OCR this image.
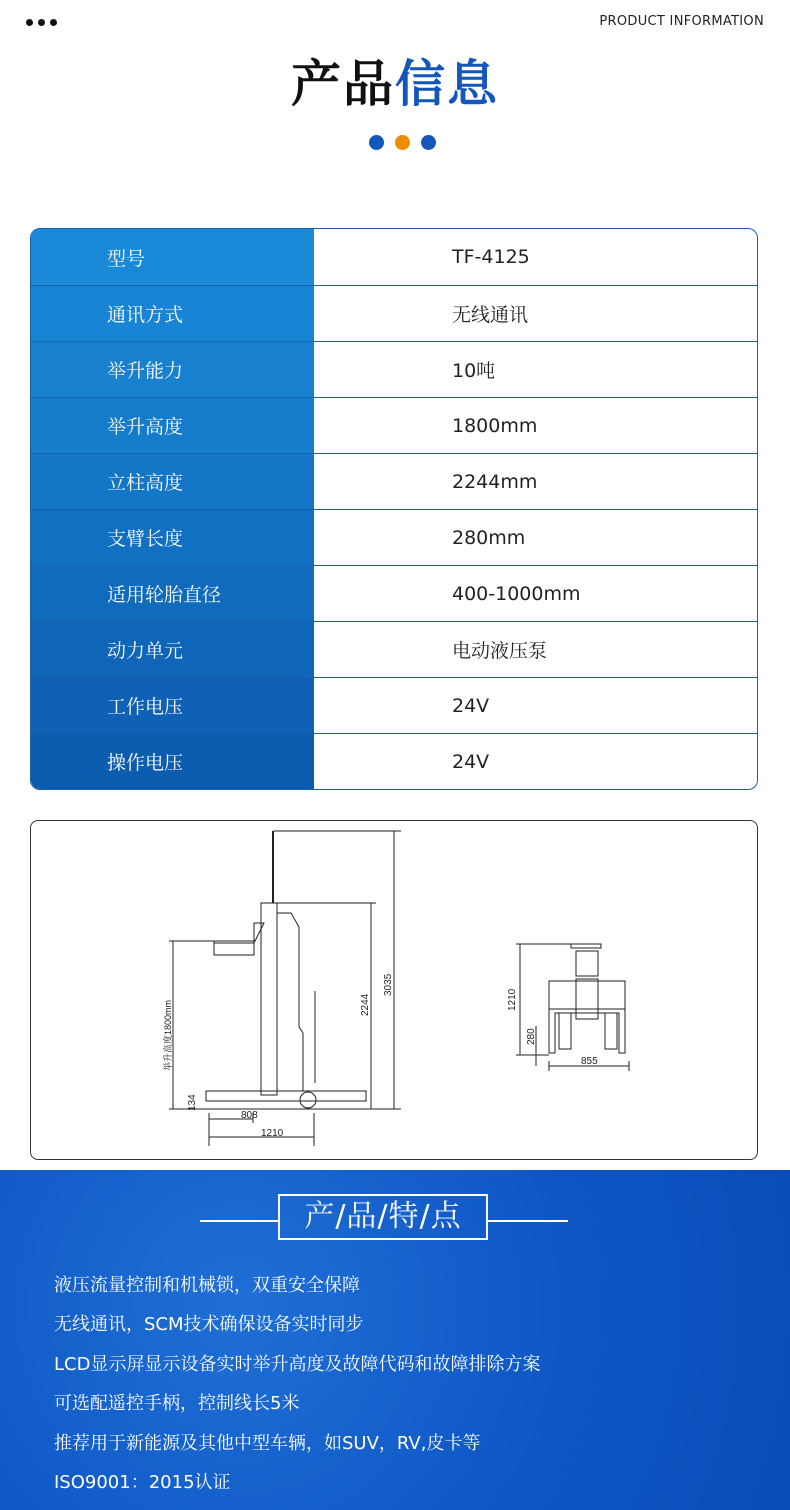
PRODUCT INFORMATION
产品信息
型号	TF-4125
通讯方式	无线通讯
举升能力	10吨
举升高度	1800mm
立柱高度	2244mm
支臂长度	280mm
适用轮胎直径	400-1000mm
动力单元	电动液压泵
工作电压	24V
操作电压	24V
举升高度1800mm
134
808
1210
2244
3035
1210
280
855
产/品/特/点
液压流量控制和机械锁，双重安全保障
无线通讯，SCM技术确保设备实时同步
LCD显示屏显示设备实时举升高度及故障代码和故障排除方案
可选配遥控手柄，控制线长5米
推荐用于新能源及其他中型车辆，如SUV，RV,皮卡等
ISO9001：2015认证
